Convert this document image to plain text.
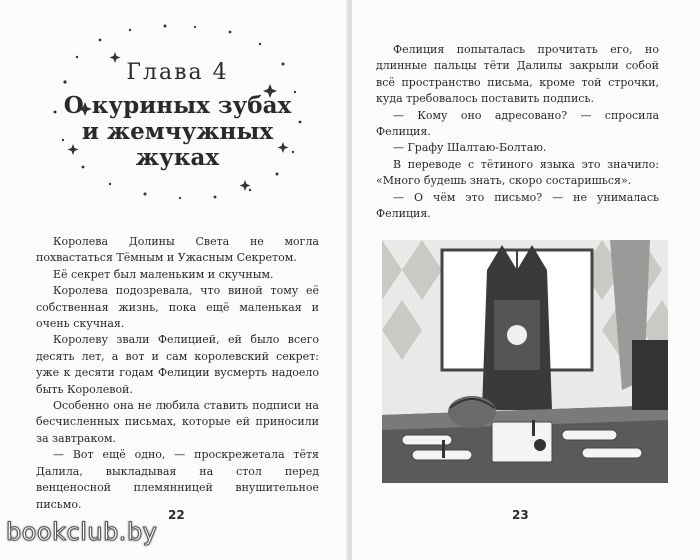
Глава 4
О куриных зубах
и жемчужных
жуках

Королева Долины Света не могла похвастаться Тёмным и Ужасным Секретом.

Её секрет был маленьким и скучным.

Королева подозревала, что виной тому её собственная жизнь, пока ещё маленькая и очень скучная.

Королеву звали Фелицией, ей было всего десять лет, а вот и сам королевский секрет: уже к десяти годам Фелиции вусмерть надоело быть Королевой.

Особенно она не любила ставить подписи на бесчисленных письмах, которые ей приносили за завтраком.

— Вот ещё одно, — проскрежетала тётя Далила, выкладывая на стол перед венценосной племянницей внушительное письмо.

22

Фелиция попыталась прочитать его, но длинные пальцы тёти Далилы закрыли собой всё пространство письма, кроме той строчки, куда требовалось поставить подпись.

— Кому оно адресовано? — спросила Фелиция.

— Графу Шалтаю-Болтаю.

В переводе с тётиного языка это значило: «Много будешь знать, скоро состаришься».

— О чём это письмо? — не унималась Фелиция.

23
bookclub.by
